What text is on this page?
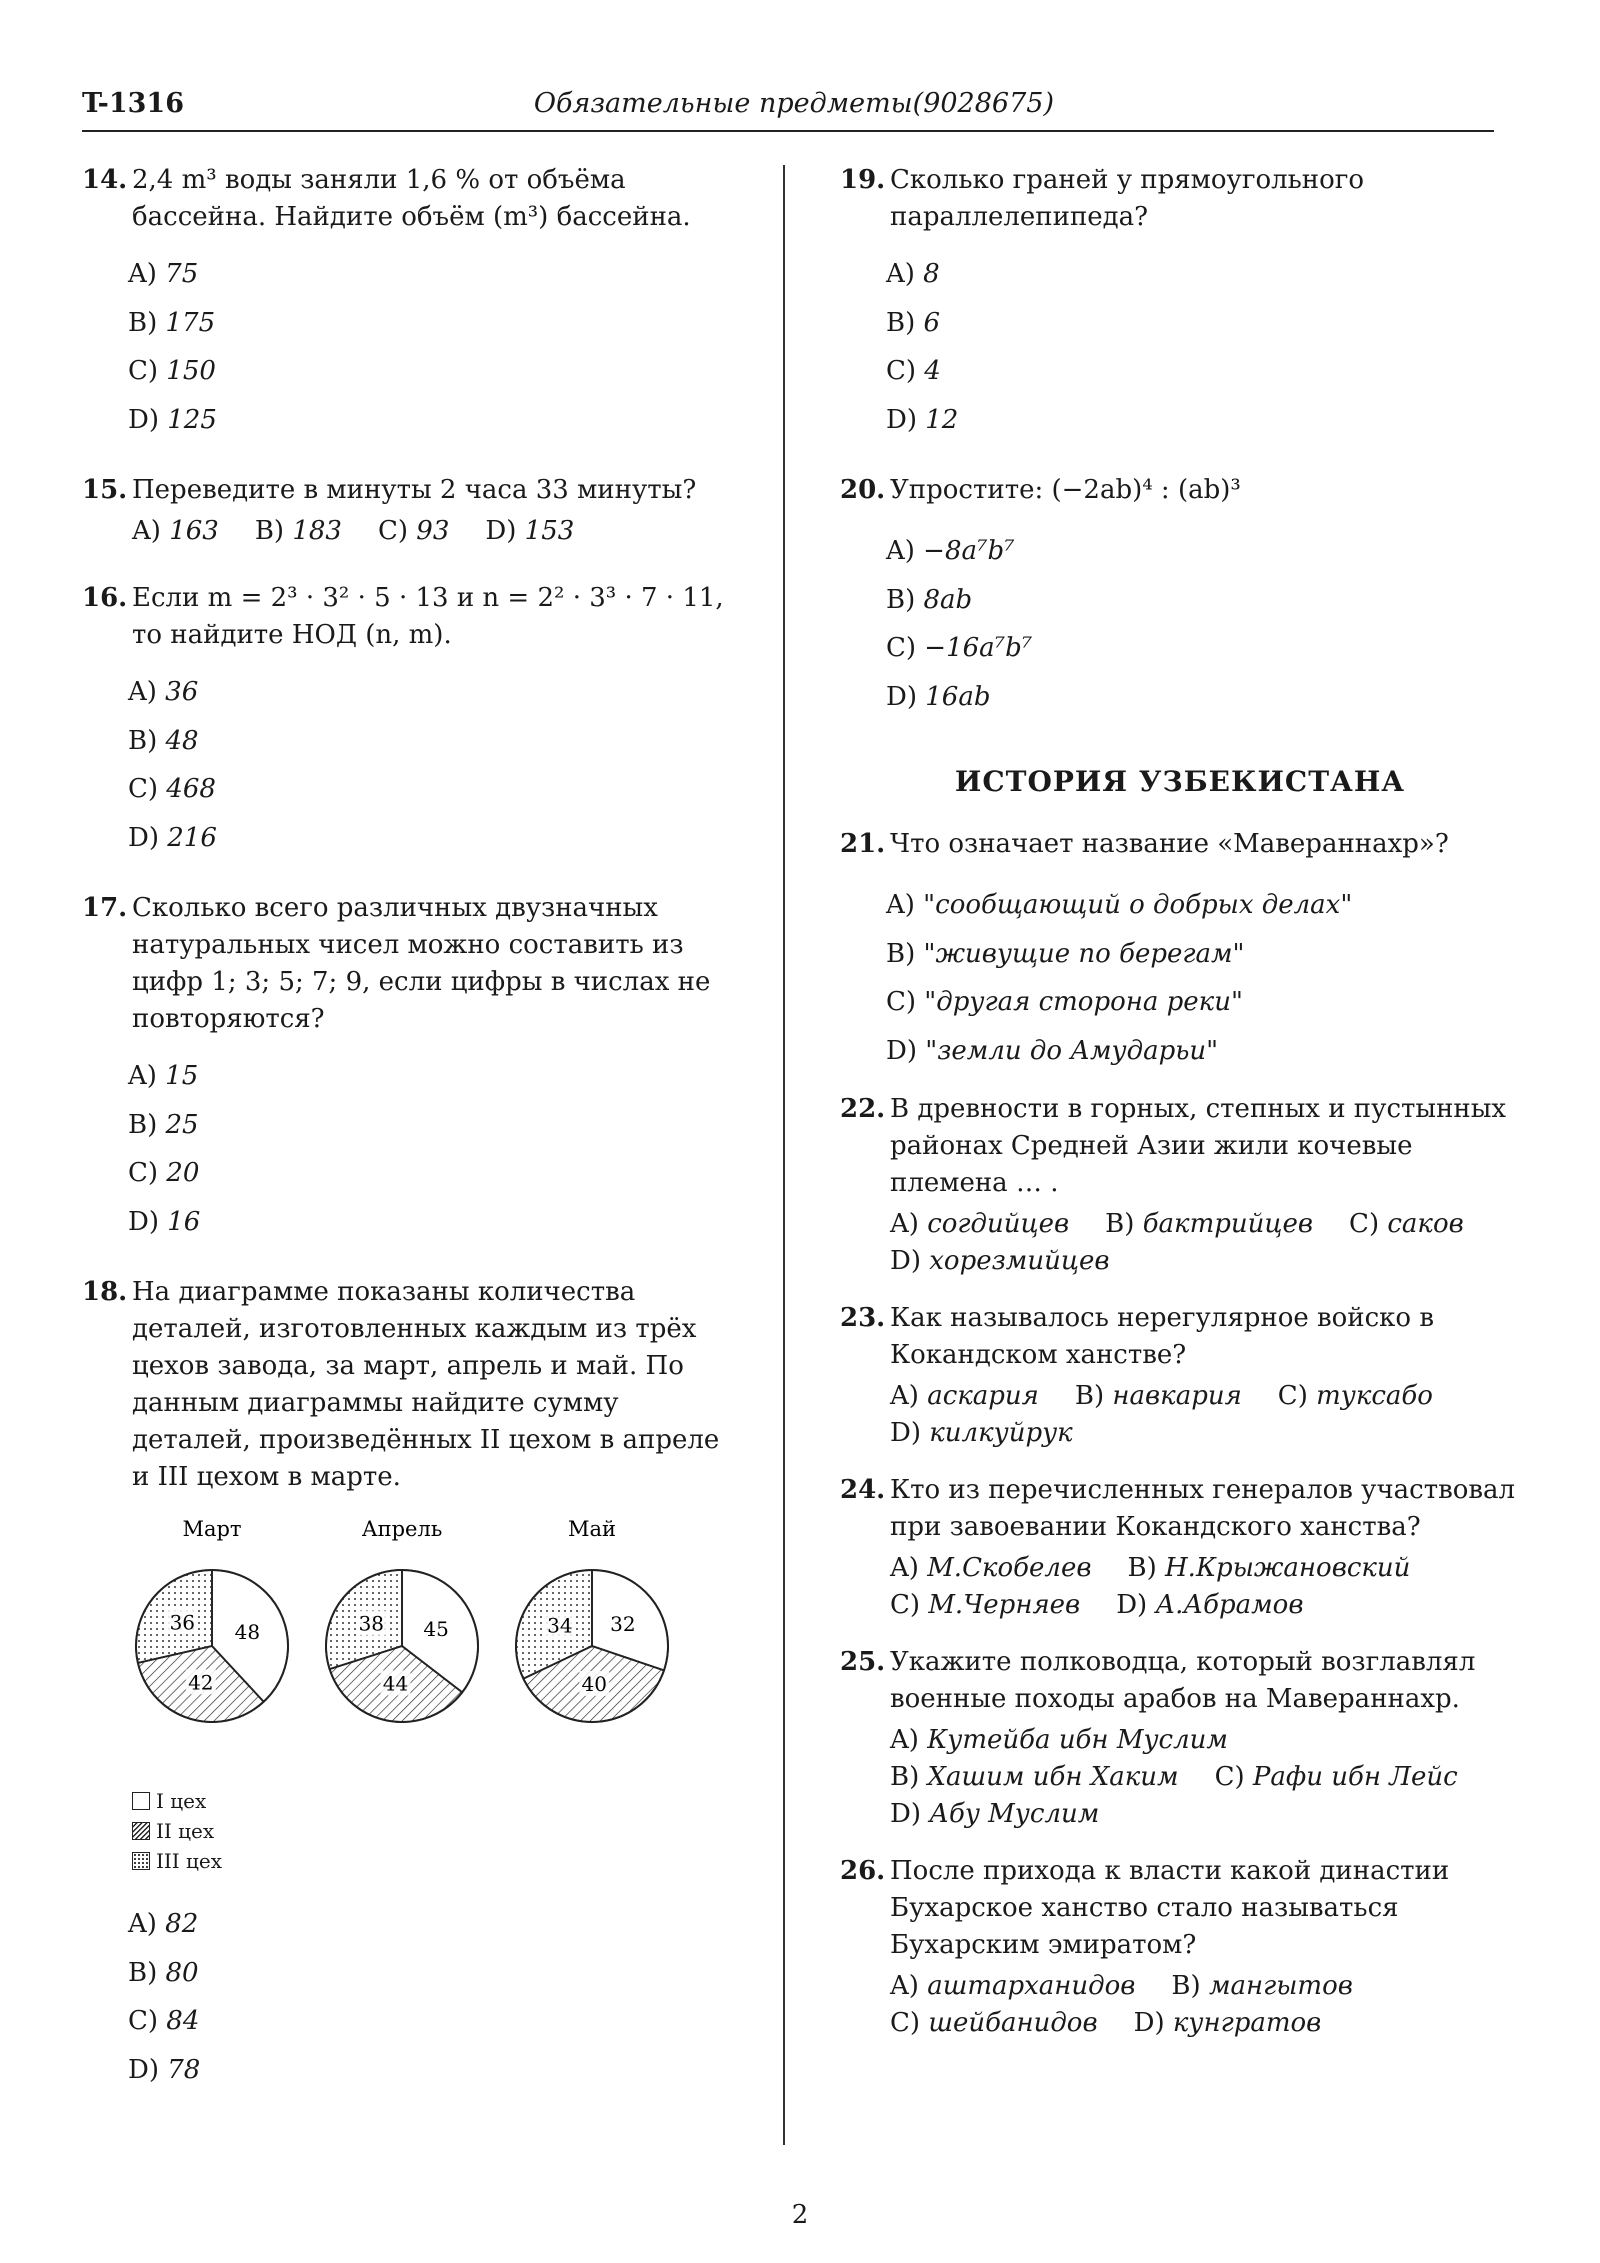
T-1316	Обязательные предметы(9028675)
14. 2,4 m³ воды заняли 1,6 % от объёма бассейна. Найдите объём (m³) бассейна.
A) 75
B) 175
C) 150
D) 125
15. Переведите в минуты 2 часа 33 минуты?
A) 163 B) 183 C) 93 D) 153
16. Если m = 2³ · 3² · 5 · 13 и n = 2² · 3³ · 7 · 11, то найдите НОД (n, m).
A) 36
B) 48
C) 468
D) 216
17. Сколько всего различных двузначных натуральных чисел можно составить из цифр 1; 3; 5; 7; 9, если цифры в числах не повторяются?
A) 15
B) 25
C) 20
D) 16
18. На диаграмме показаны количества деталей, изготовленных каждым из трёх цехов завода, за март, апрель и май. По данным диаграммы найдите сумму деталей, произведённых II цехом в апреле и III цехом в марте.
Март
48
42
36
Апрель
45
44
38
Май
32
40
34
I цех
II цех
III цех
A) 82
B) 80
C) 84
D) 78
19. Сколько граней у прямоугольного параллелепипеда?
A) 8
B) 6
C) 4
D) 12
20. Упростите: (−2ab)⁴ : (ab)³
A) −8a⁷b⁷
B) 8ab
C) −16a⁷b⁷
D) 16ab
ИСТОРИЯ УЗБЕКИСТАНА
21. Что означает название «Мавераннахр»?
A) "сообщающий о добрых делах"
B) "живущие по берегам"
C) "другая сторона реки"
D) "земли до Амударьи"
22. В древности в горных, степных и пустынных районах Средней Азии жили кочевые племена … .
A) согдийцев B) бактрийцев C) саков
D) хорезмийцев
23. Как называлось нерегулярное войско в Кокандском ханстве?
A) аскария B) навкария C) туксабо
D) килкуйрук
24. Кто из перечисленных генералов участвовал при завоевании Кокандского ханства?
A) М.Скобелев B) Н.Крыжановский
C) М.Черняев D) А.Абрамов
25. Укажите полководца, который возглавлял военные походы арабов на Мавераннахр.
A) Кутейба ибн Муслим
B) Хашим ибн Хаким C) Рафи ибн Лейс
D) Абу Муслим
26. После прихода к власти какой династии Бухарское ханство стало называться Бухарским эмиратом?
A) аштарханидов B) мангытов
C) шейбанидов D) кунгратов
2
